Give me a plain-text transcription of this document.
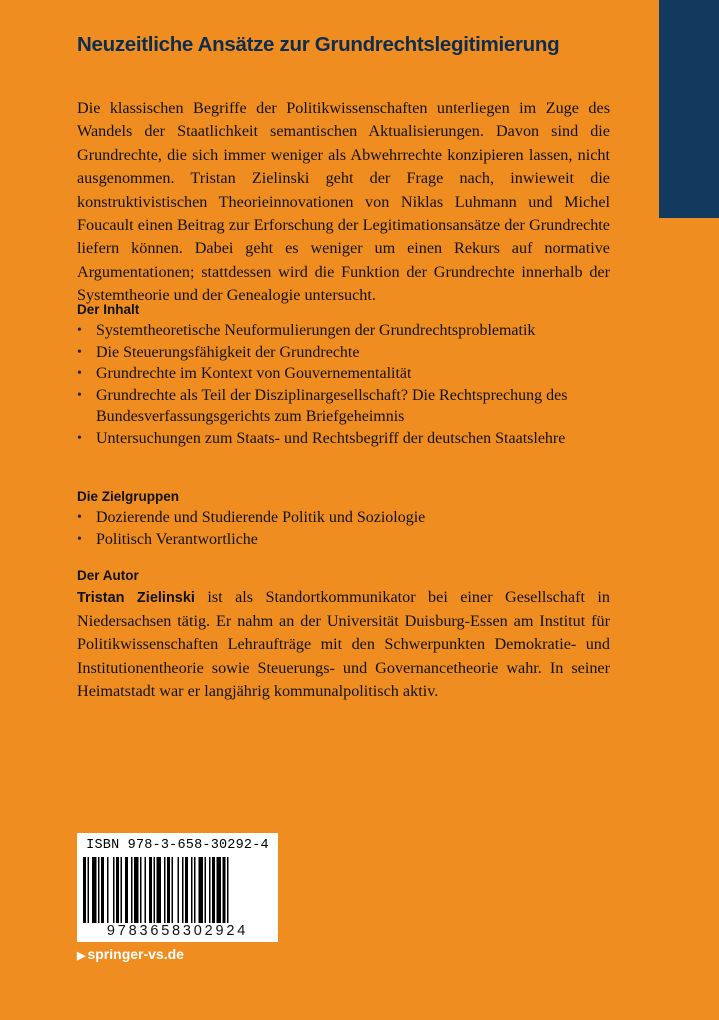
Neuzeitliche Ansätze zur Grundrechtslegitimierung

Die klassischen Begriffe der Politikwissenschaften unterliegen im Zuge des Wandels der Staatlichkeit semantischen Aktualisierungen. Davon sind die Grundrechte, die sich immer weniger als Abwehrrechte konzipieren lassen, nicht ausgenommen. Tristan Zielinski geht der Frage nach, inwieweit die konstruktivistischen Theorieinnovationen von Niklas Luhmann und Michel Foucault einen Beitrag zur Erforschung der Legitimationsansätze der Grundrechte liefern können. Dabei geht es weniger um einen Rekurs auf normative Argumentationen; stattdessen wird die Funktion der Grundrechte innerhalb der Systemtheorie und der Genealogie untersucht.

Der Inhalt
• Systemtheoretische Neuformulierungen der Grundrechtsproblematik
• Die Steuerungsfähigkeit der Grundrechte
• Grundrechte im Kontext von Gouvernementalität
• Grundrechte als Teil der Disziplinargesellschaft? Die Rechtsprechung des Bundesverfassungsgerichts zum Briefgeheimnis
• Untersuchungen zum Staats- und Rechtsbegriff der deutschen Staatslehre
Die Zielgruppen
• Dozierende und Studierende Politik und Soziologie
• Politisch Verantwortliche
Der Autor

Tristan Zielinski ist als Standortkommunikator bei einer Gesellschaft in Niedersachsen tätig. Er nahm an der Universität Duisburg-Essen am Institut für Politikwissenschaften Lehraufträge mit den Schwerpunkten Demokratie- und Institutionentheorie sowie Steuerungs- und Governancetheorie wahr. In seiner Heimatstadt war er langjährig kommunalpolitisch aktiv.

ISBN 978-3-658-30292-4
9783658302924
▶ springer-vs.de
